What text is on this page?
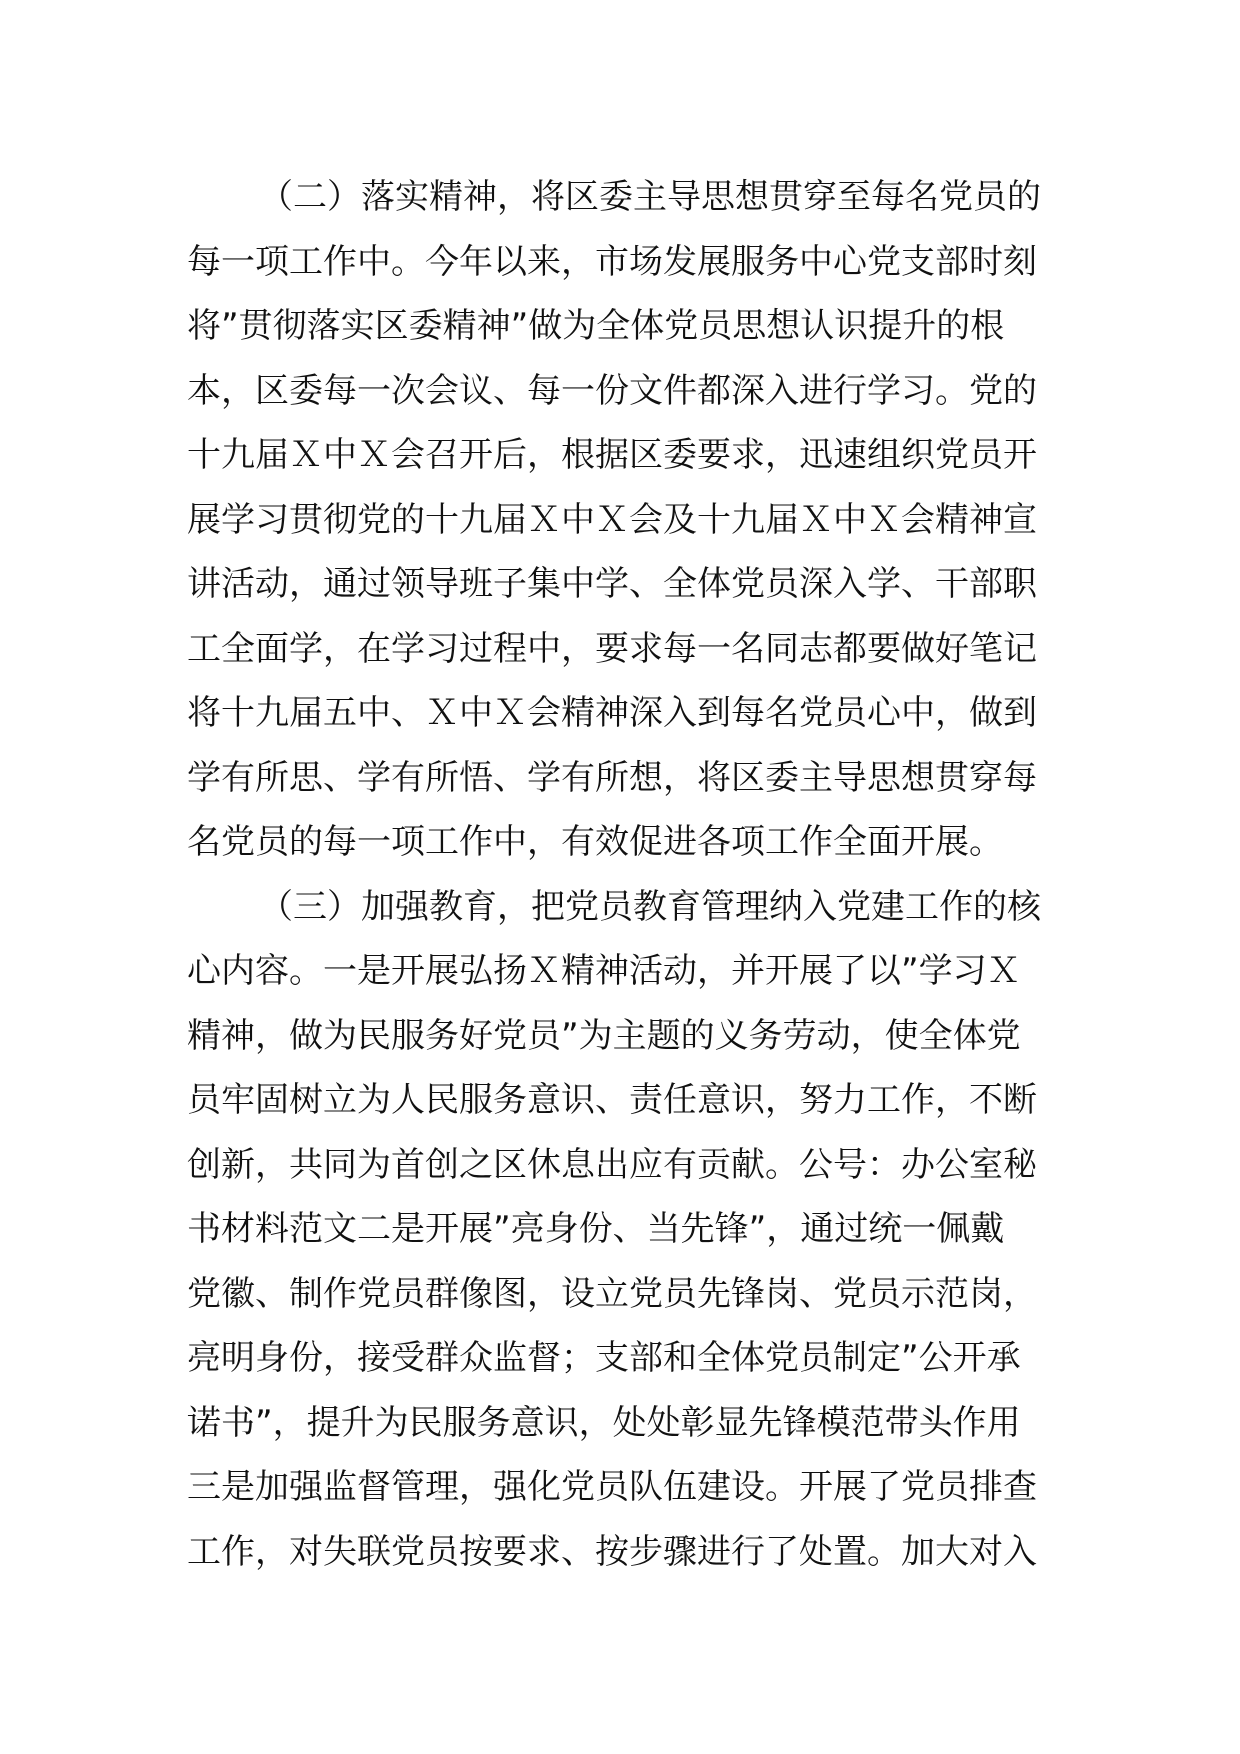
（二）落实精神，将区委主导思想贯穿至每名党员的
每一项工作中。今年以来，市场发展服务中心党支部时刻
将”贯彻落实区委精神”做为全体党员思想认识提升的根
本，区委每一次会议、每一份文件都深入进行学习。党的
十九届Ｘ中Ｘ会召开后，根据区委要求，迅速组织党员开
展学习贯彻党的十九届Ｘ中Ｘ会及十九届Ｘ中Ｘ会精神宣
讲活动，通过领导班子集中学、全体党员深入学、干部职
工全面学，在学习过程中，要求每一名同志都要做好笔记
将十九届五中、Ｘ中Ｘ会精神深入到每名党员心中，做到
学有所思、学有所悟、学有所想，将区委主导思想贯穿每
名党员的每一项工作中，有效促进各项工作全面开展。
（三）加强教育，把党员教育管理纳入党建工作的核
心内容。一是开展弘扬Ｘ精神活动，并开展了以”学习Ｘ
精神，做为民服务好党员”为主题的义务劳动，使全体党
员牢固树立为人民服务意识、责任意识，努力工作，不断
创新，共同为首创之区休息出应有贡献。公号：办公室秘
书材料范文二是开展”亮身份、当先锋”，通过统一佩戴
党徽、制作党员群像图，设立党员先锋岗、党员示范岗，
亮明身份，接受群众监督；支部和全体党员制定”公开承
诺书”，提升为民服务意识，处处彰显先锋模范带头作用
三是加强监督管理，强化党员队伍建设。开展了党员排查
工作，对失联党员按要求、按步骤进行了处置。加大对入
